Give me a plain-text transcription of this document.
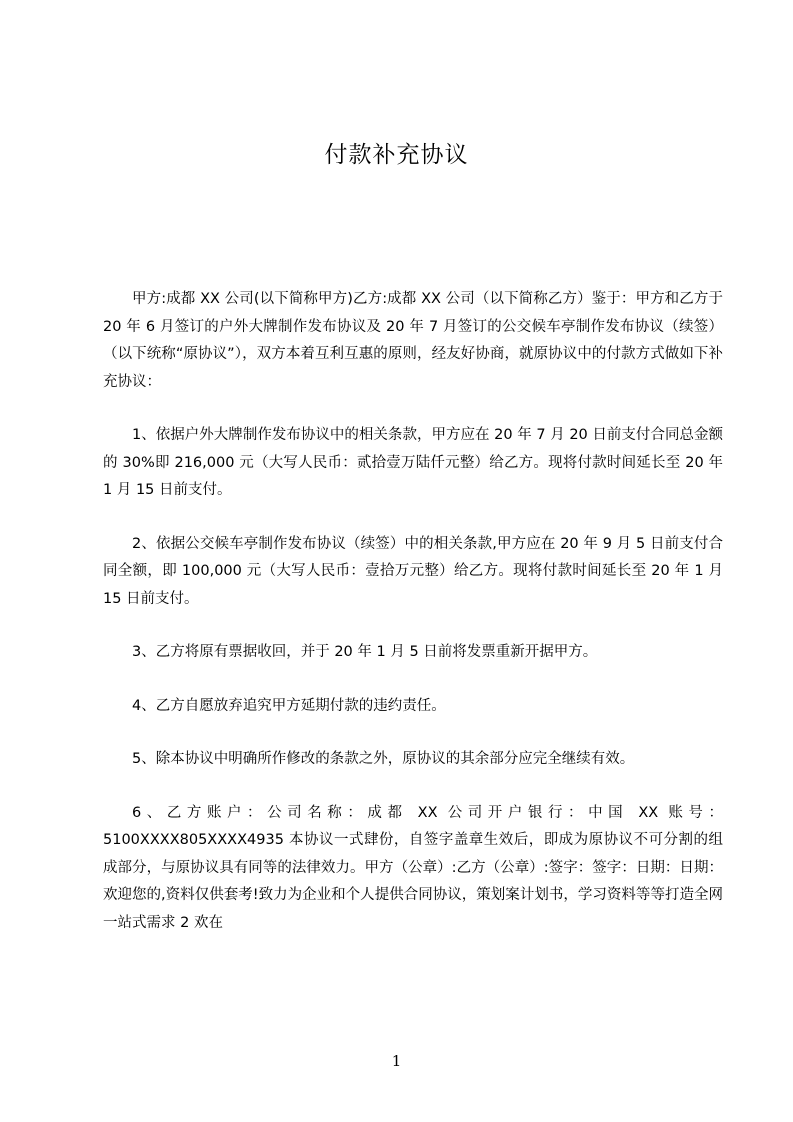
付款补充协议

甲方:成都 XX 公司(以下简称甲方)乙方:成都 XX 公司（以下简称乙方）鉴于：甲方和乙方于 20 年 6 月签订的户外大牌制作发布协议及 20 年 7 月签订的公交候车亭制作发布协议（续签）（以下统称“原协议”），双方本着互利互惠的原则，经友好协商，就原协议中的付款方式做如下补充协议：

1、依据户外大牌制作发布协议中的相关条款，甲方应在 20 年 7 月 20 日前支付合同总金额的 30%即 216,000 元（大写人民币：贰拾壹万陆仟元整）给乙方。现将付款时间延长至 20 年 1 月 15 日前支付。

2、依据公交候车亭制作发布协议（续签）中的相关条款,甲方应在 20 年 9 月 5 日前支付合同全额，即 100,000 元（大写人民币：壹拾万元整）给乙方。现将付款时间延长至 20 年 1 月 15 日前支付。

3、乙方将原有票据收回，并于 20 年 1 月 5 日前将发票重新开据甲方。

4、乙方自愿放弃追究甲方延期付款的违约责任。

5、除本协议中明确所作修改的条款之外，原协议的其余部分应完全继续有效。

6、乙方账户：公司名称：成都 XX 公司开户银行：中国 XX 账号：5100XXXX805XXXX4935 本协议一式肆份，自签字盖章生效后，即成为原协议不可分割的组成部分，与原协议具有同等的法律效力。甲方（公章）:乙方（公章）:签字：签字：日期：日期：欢迎您的,资料仅供套考!致力为企业和个人提供合同协议，策划案计划书，学习资料等等打造全网一站式需求 2 欢在

1
